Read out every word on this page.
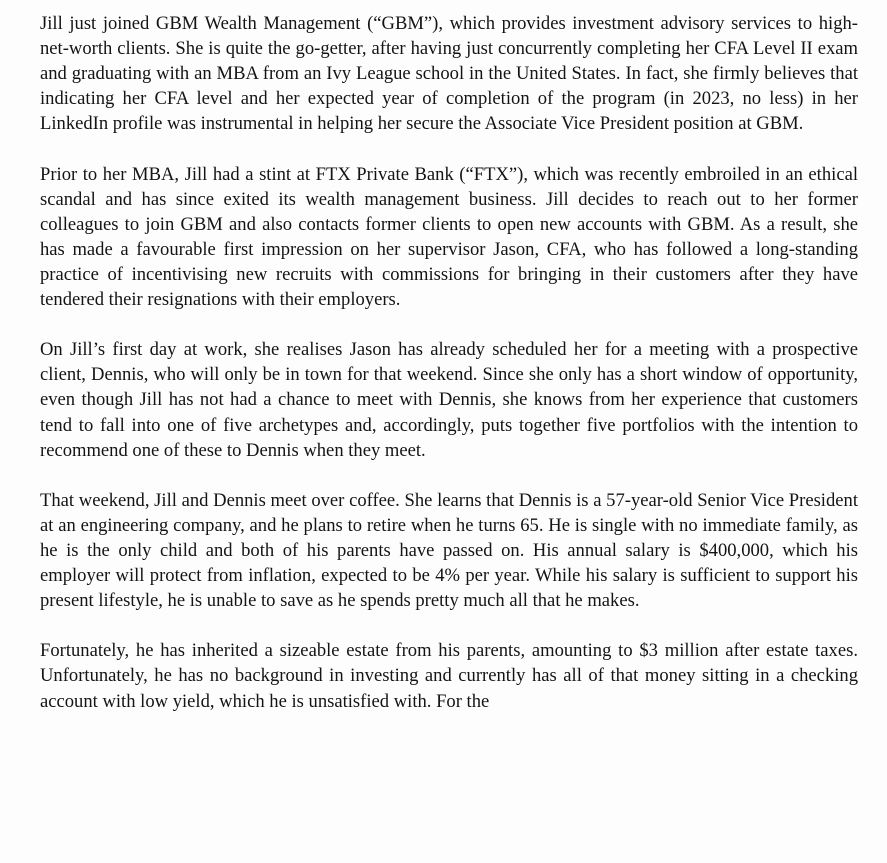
Jill just joined GBM Wealth Management (“GBM”), which provides investment advisory services to high-net-worth clients. She is quite the go-getter, after having just concurrently completing her CFA Level II exam and graduating with an MBA from an Ivy League school in the United States. In fact, she firmly believes that indicating her CFA level and her expected year of completion of the program (in 2023, no less) in her LinkedIn profile was instrumental in helping her secure the Associate Vice President position at GBM.

Prior to her MBA, Jill had a stint at FTX Private Bank (“FTX”), which was recently embroiled in an ethical scandal and has since exited its wealth management business. Jill decides to reach out to her former colleagues to join GBM and also contacts former clients to open new accounts with GBM. As a result, she has made a favourable first impression on her supervisor Jason, CFA, who has followed a long-standing practice of incentivising new recruits with commissions for bringing in their customers after they have tendered their resignations with their employers.

On Jill’s first day at work, she realises Jason has already scheduled her for a meeting with a prospective client, Dennis, who will only be in town for that weekend. Since she only has a short window of opportunity, even though Jill has not had a chance to meet with Dennis, she knows from her experience that customers tend to fall into one of five archetypes and, accordingly, puts together five portfolios with the intention to recommend one of these to Dennis when they meet.

That weekend, Jill and Dennis meet over coffee. She learns that Dennis is a 57-year-old Senior Vice President at an engineering company, and he plans to retire when he turns 65. He is single with no immediate family, as he is the only child and both of his parents have passed on. His annual salary is $400,000, which his employer will protect from inflation, expected to be 4% per year. While his salary is sufficient to support his present lifestyle, he is unable to save as he spends pretty much all that he makes.

Fortunately, he has inherited a sizeable estate from his parents, amounting to $3 million after estate taxes. Unfortunately, he has no background in investing and currently has all of that money sitting in a checking account with low yield, which he is unsatisfied with. For the
